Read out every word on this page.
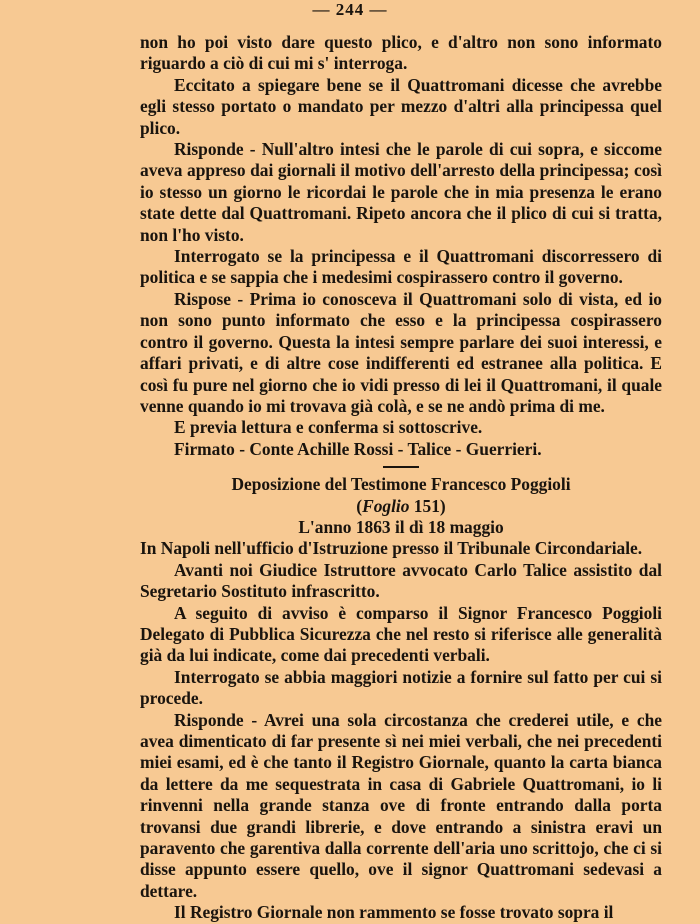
— 244 —

non ho poi visto dare questo plico, e d'altro non sono informato riguardo a ciò di cui mi s' interroga.

Eccitato a spiegare bene se il Quattromani dicesse che avrebbe egli stesso portato o mandato per mezzo d'altri alla principessa quel plico.

Risponde - Null'altro intesi che le parole di cui sopra, e siccome aveva appreso dai giornali il motivo dell'arresto della principessa; così io stesso un giorno le ricordai le parole che in mia presenza le erano state dette dal Quattromani. Ripeto ancora che il plico di cui si tratta, non l'ho visto.

Interrogato se la principessa e il Quattromani discorressero di politica e se sappia che i medesimi cospirassero contro il governo.

Rispose - Prima io conosceva il Quattromani solo di vista, ed io non sono punto informato che esso e la principessa cospirassero contro il governo. Questa la intesi sempre parlare dei suoi interessi, e affari privati, e di altre cose indifferenti ed estranee alla politica. E così fu pure nel giorno che io vidi presso di lei il Quattromani, il quale venne quando io mi trovava già colà, e se ne andò prima di me.

E previa lettura e conferma si sottoscrive.

Firmato - Conte Achille Rossi - Talice - Guerrieri.

Deposizione del Testimone Francesco Poggioli

(Foglio 151)

L'anno 1863 il dì 18 maggio

In Napoli nell'ufficio d'Istruzione presso il Tribunale Circondariale.

Avanti noi Giudice Istruttore avvocato Carlo Talice assistito dal Segretario Sostituto infrascritto.

A seguito di avviso è comparso il Signor Francesco Poggioli Delegato di Pubblica Sicurezza che nel resto si riferisce alle generalità già da lui indicate, come dai precedenti verbali.

Interrogato se abbia maggiori notizie a fornire sul fatto per cui si procede.

Risponde - Avrei una sola circostanza che crederei utile, e che avea dimenticato di far presente sì nei miei verbali, che nei precedenti miei esami, ed è che tanto il Registro Giornale, quanto la carta bianca da lettere da me sequestrata in casa di Gabriele Quattromani, io li rinvenni nella grande stanza ove di fronte entrando dalla porta trovansi due grandi librerie, e dove entrando a sinistra eravi un paravento che garentiva dalla corrente dell'aria uno scrittojo, che ci si disse appunto essere quello, ove il signor Quattromani sedevasi a dettare.

Il Registro Giornale non rammento se fosse trovato sopra il
